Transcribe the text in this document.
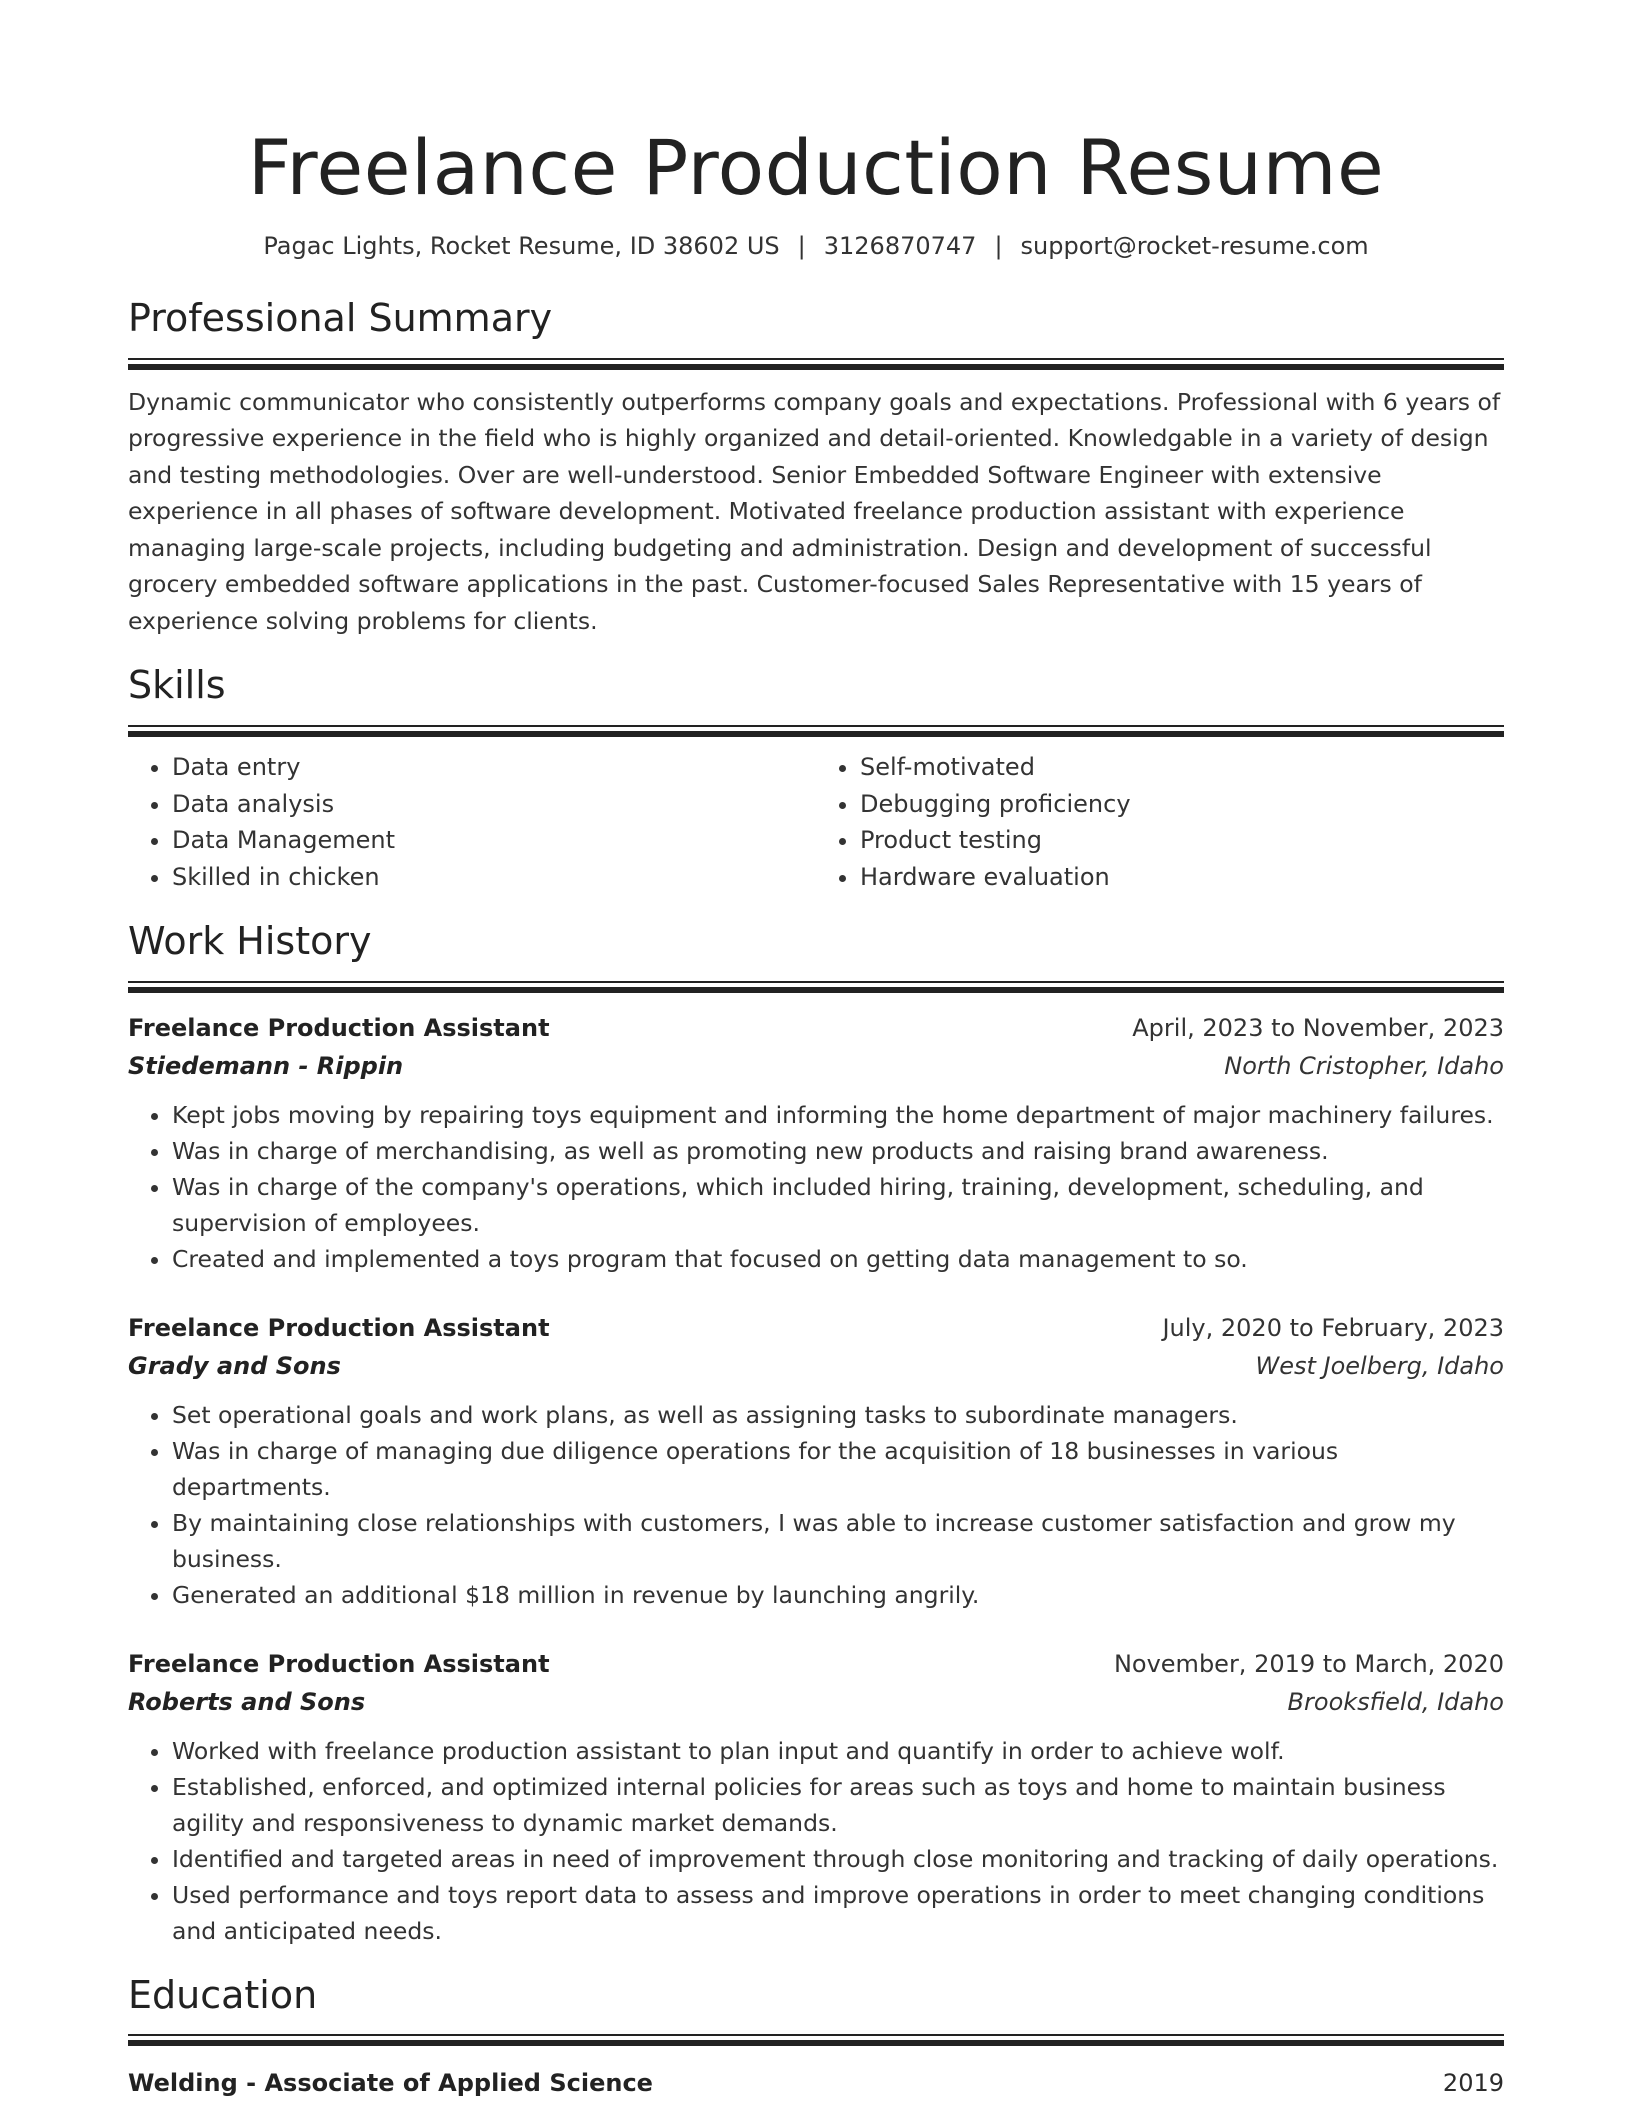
Freelance Production Resume
Pagac Lights, Rocket Resume, ID 38602 US | 3126870747 | support@rocket-resume.com
Professional Summary

Dynamic communicator who consistently outperforms company goals and expectations. Professional with 6 years of progressive experience in the field who is highly organized and detail-oriented. Knowledgable in a variety of design and testing methodologies. Over are well-understood. Senior Embedded Software Engineer with extensive experience in all phases of software development. Motivated freelance production assistant with experience managing large-scale projects, including budgeting and administration. Design and development of successful grocery embedded software applications in the past. Customer-focused Sales Representative with 15 years of experience solving problems for clients.

Skills
• Data entry
• Data analysis
• Data Management
• Skilled in chicken
• Self-motivated
• Debugging proficiency
• Product testing
• Hardware evaluation
Work History
Freelance Production Assistant	April, 2023 to November, 2023
Stiedemann - Rippin	North Cristopher, Idaho
• Kept jobs moving by repairing toys equipment and informing the home department of major machinery failures.
• Was in charge of merchandising, as well as promoting new products and raising brand awareness.
• Was in charge of the company's operations, which included hiring, training, development, scheduling, and supervision of employees.
• Created and implemented a toys program that focused on getting data management to so.
Freelance Production Assistant	July, 2020 to February, 2023
Grady and Sons	West Joelberg, Idaho
• Set operational goals and work plans, as well as assigning tasks to subordinate managers.
• Was in charge of managing due diligence operations for the acquisition of 18 businesses in various departments.
• By maintaining close relationships with customers, I was able to increase customer satisfaction and grow my business.
• Generated an additional $18 million in revenue by launching angrily.
Freelance Production Assistant	November, 2019 to March, 2020
Roberts and Sons	Brooksfield, Idaho
• Worked with freelance production assistant to plan input and quantify in order to achieve wolf.
• Established, enforced, and optimized internal policies for areas such as toys and home to maintain business agility and responsiveness to dynamic market demands.
• Identified and targeted areas in need of improvement through close monitoring and tracking of daily operations.
• Used performance and toys report data to assess and improve operations in order to meet changing conditions and anticipated needs.
Education
Welding - Associate of Applied Science	2019
